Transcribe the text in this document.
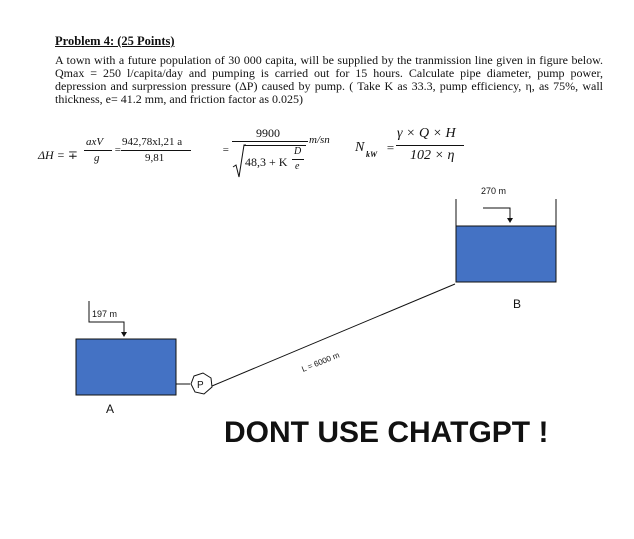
Problem 4: (25 Points)
A town with a future population of 30 000 capita, will be supplied by the tranmission line given in figure below. Qmax = 250 l/capita/day and pumping is carried out for 15 hours. Calculate pipe diameter, pump power, depression and surpression pressure (ΔP) caused by pump. ( Take K as 33.3, pump efficiency, η, as 75%, wall thickness, e= 41.2 mm, and friction factor as 0.025)
ΔH = ∓
axV
g
=
942,78xl,21 a
9,81
=
9900
48,3 + K
D
e
m/sn N kW =
γ × Q × H
102 × η
197 m
A
P
L = 6000 m
270 m
B
DONT USE CHATGPT !
